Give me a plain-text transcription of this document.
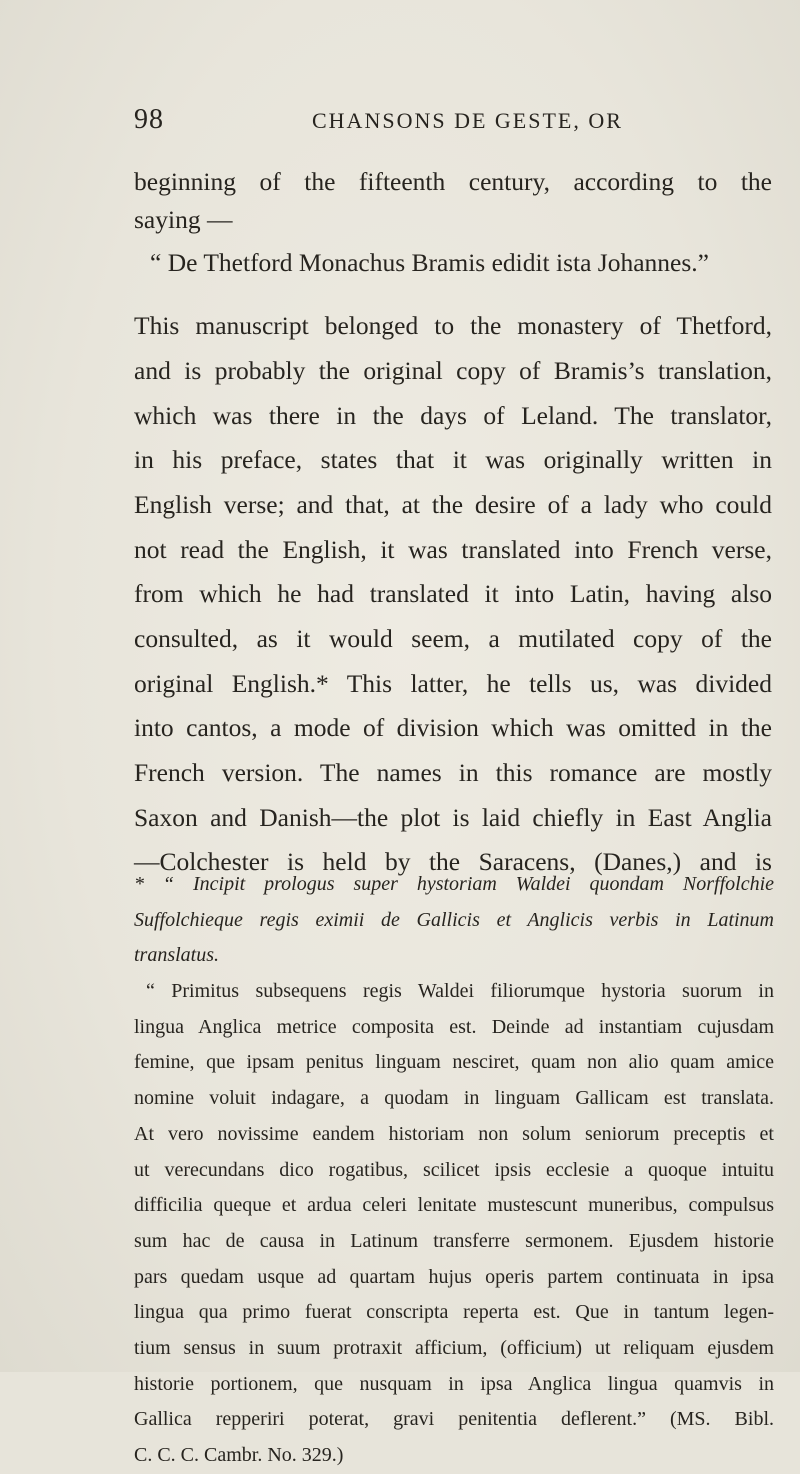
98	CHANSONS DE GESTE, OR
beginning of the fifteenth century, according to the
saying —
“ De Thetford Monachus Bramis edidit ista Johannes.”
This manuscript belonged to the monastery of Thetford,
and is probably the original copy of Bramis’s translation,
which was there in the days of Leland. The translator,
in his preface, states that it was originally written in
English verse; and that, at the desire of a lady who could
not read the English, it was translated into French verse,
from which he had translated it into Latin, having also
consulted, as it would seem, a mutilated copy of the
original English.* This latter, he tells us, was divided
into cantos, a mode of division which was omitted in the
French version. The names in this romance are mostly
Saxon and Danish—the plot is laid chiefly in East Anglia
—Colchester is held by the Saracens, (Danes,) and is
* “ Incipit prologus super hystoriam Waldei quondam Norffolchie
Suffolchieque regis eximii de Gallicis et Anglicis verbis in Latinum
translatus.
“ Primitus subsequens regis Waldei filiorumque hystoria suorum in
lingua Anglica metrice composita est. Deinde ad instantiam cujusdam
femine, que ipsam penitus linguam nesciret, quam non alio quam amice
nomine voluit indagare, a quodam in linguam Gallicam est translata.
At vero novissime eandem historiam non solum seniorum preceptis et
ut verecundans dico rogatibus, scilicet ipsis ecclesie a quoque intuitu
difficilia queque et ardua celeri lenitate mustescunt muneribus, compulsus
sum hac de causa in Latinum transferre sermonem. Ejusdem historie
pars quedam usque ad quartam hujus operis partem continuata in ipsa
lingua qua primo fuerat conscripta reperta est. Que in tantum legen-
tium sensus in suum protraxit afficium, (officium) ut reliquam ejusdem
historie portionem, que nusquam in ipsa Anglica lingua quamvis in
Gallica repperiri poterat, gravi penitentia deflerent.” (MS. Bibl.
C. C. C. Cambr. No. 329.)
